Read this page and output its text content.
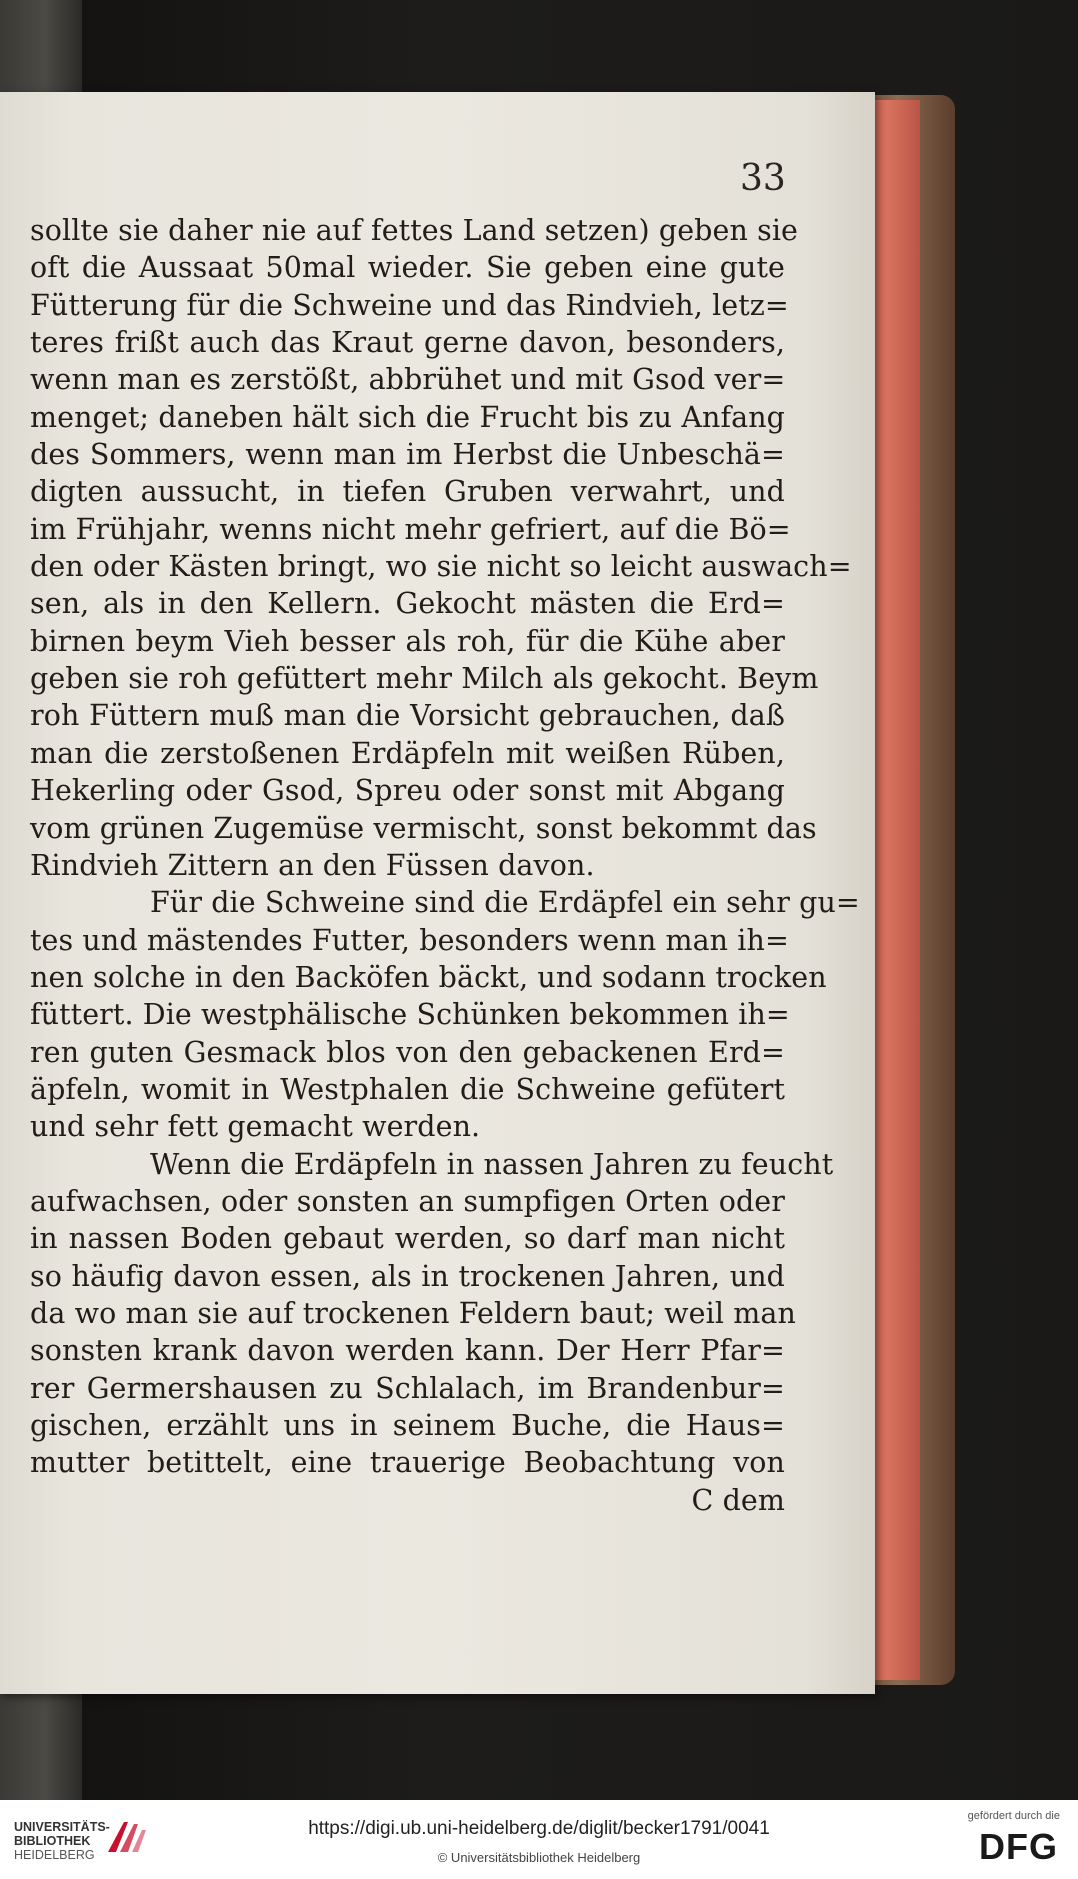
33
sollte sie daher nie auf fettes Land setzen) geben sie
oft die Aussaat 50mal wieder. Sie geben eine gute
Fütterung für die Schweine und das Rindvieh, letz=
teres frißt auch das Kraut gerne davon, besonders,
wenn man es zerstößt, abbrühet und mit Gsod ver=
menget; daneben hält sich die Frucht bis zu Anfang
des Sommers, wenn man im Herbst die Unbeschä=
digten aussucht, in tiefen Gruben verwahrt, und
im Frühjahr, wenns nicht mehr gefriert, auf die Bö=
den oder Kästen bringt, wo sie nicht so leicht auswach=
sen, als in den Kellern. Gekocht mästen die Erd=
birnen beym Vieh besser als roh, für die Kühe aber
geben sie roh gefüttert mehr Milch als gekocht. Beym
roh Füttern muß man die Vorsicht gebrauchen, daß
man die zerstoßenen Erdäpfeln mit weißen Rüben,
Hekerling oder Gsod, Spreu oder sonst mit Abgang
vom grünen Zugemüse vermischt, sonst bekommt das
Rindvieh Zittern an den Füssen davon.
Für die Schweine sind die Erdäpfel ein sehr gu=
tes und mästendes Futter, besonders wenn man ih=
nen solche in den Backöfen bäckt, und sodann trocken
füttert. Die westphälische Schünken bekommen ih=
ren guten Gesmack blos von den gebackenen Erd=
äpfeln, womit in Westphalen die Schweine gefütert
und sehr fett gemacht werden.
Wenn die Erdäpfeln in nassen Jahren zu feucht
aufwachsen, oder sonsten an sumpfigen Orten oder
in nassen Boden gebaut werden, so darf man nicht
so häufig davon essen, als in trockenen Jahren, und
da wo man sie auf trockenen Feldern baut; weil man
sonsten krank davon werden kann. Der Herr Pfar=
rer Germershausen zu Schlalach, im Brandenbur=
gischen, erzählt uns in seinem Buche, die Haus=
mutter betittelt, eine trauerige Beobachtung von
C dem
UNIVERSITÄTS-
BIBLIOTHEK
HEIDELBERG
https://digi.ub.uni-heidelberg.de/diglit/becker1791/0041
© Universitätsbibliothek Heidelberg
gefördert durch die
DFG
